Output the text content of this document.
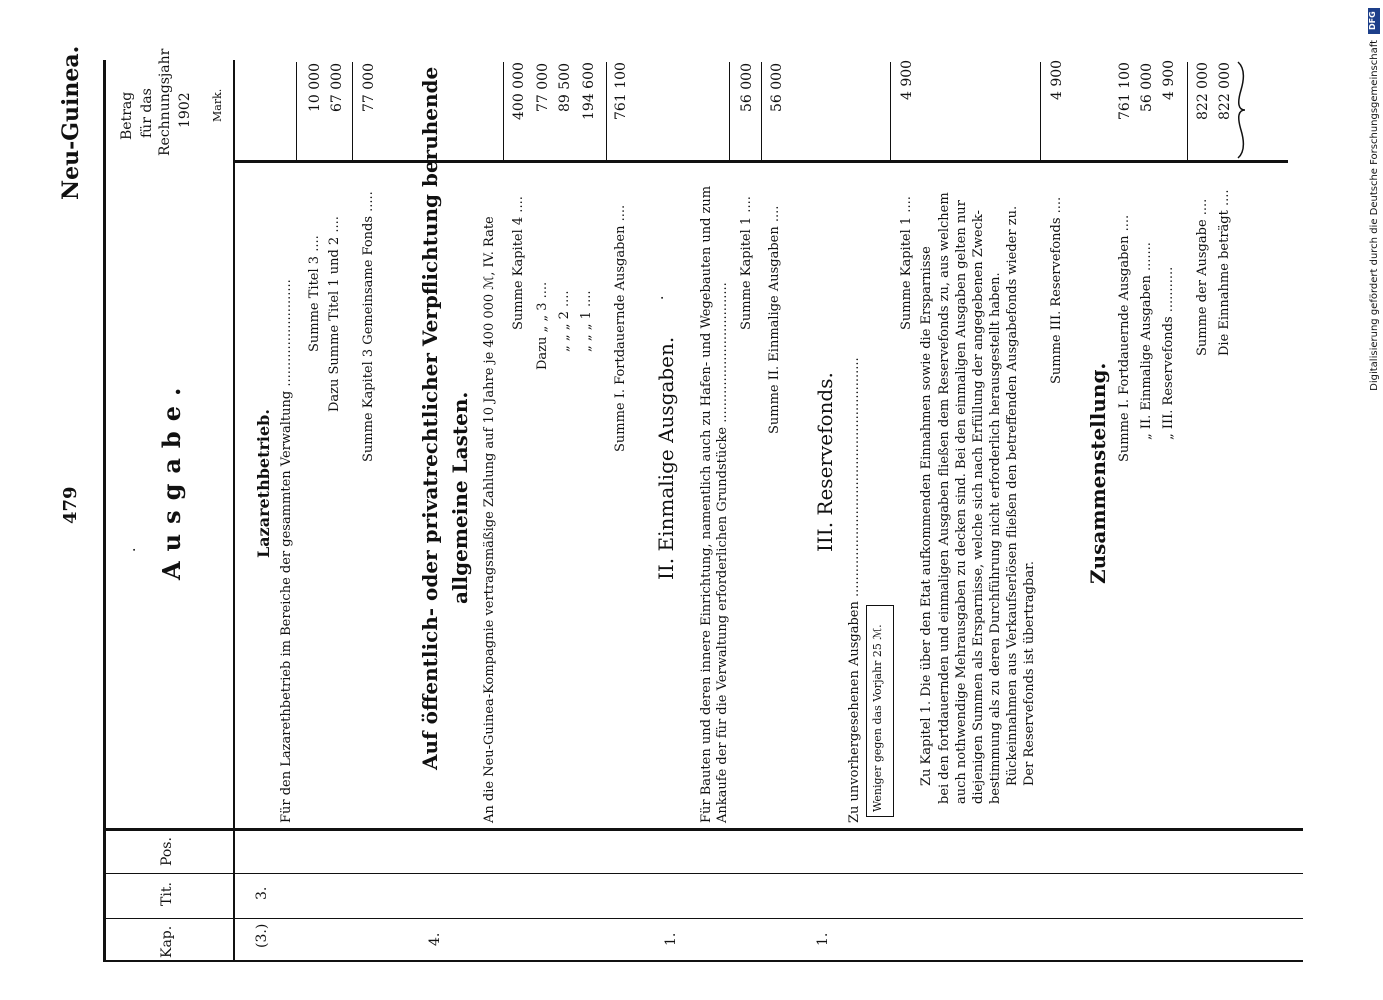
Neu-Guinea.
479	Ausgabe.
Kap.
Tit.
Pos.
Betrag für das Rechnungsjahr 1902 Mark.
(3.)
3.
Lazarethbetrieb. Für den Lazarethbetrieb im Bereiche der gesammten Verwaltung .......................... Summe Titel 3 .... Dazu Summe Titel 1 und 2 .... Summe Kapitel 3 Gemeinsame Fonds .....
10 000 67 000 77 000
4.
Auf öffentlich- oder privatrechtlicher Verpflichtung beruhende allgemeine Lasten. An die Neu-Guinea-Kompagnie vertragsmäßige Zahlung auf 10 Jahre je 400 000 ℳ, IV. Rate Summe Kapitel 4 .... Dazu „ „ 3 .... „ „ „ 2 .... „ „ „ 1 .... Summe I. Fortdauernde Ausgaben ....
400 000 77 000 89 500 194 600 761 100
·
·	II. Einmalige Ausgaben.
1.
Für Bauten und deren innere Einrichtung, namentlich auch zu Hafen- und Wegebauten und zum Ankaufe der für die Verwaltung erforderlichen Grundstücke ..................................
Summe Kapitel 1 .... Summe II. Einmalige Ausgaben ....
56 000 56 000
III. Reservefonds.
1.
Zu unvorhergesehenen Ausgaben .......................................................... Weniger gegen das Vorjahr 25 ℳ.
Summe Kapitel 1 ....
4 900
Zu Kapitel 1. Die über den Etat aufkommenden Einnahmen sowie die Ersparnisse bei den fortdauernden und einmaligen Ausgaben fließen dem Reservefonds zu, aus welchem auch nothwendige Mehrausgaben zu decken sind. Bei den einmaligen Ausgaben gelten nur diejenigen Summen als Ersparnisse, welche sich nach Erfüllung der angegebenen Zweck- bestimmung als zu deren Durchführung nicht erforderlich herausgestellt haben. Rückeinnahmen aus Verkaufserlösen fließen den betreffenden Ausgabefonds wieder zu. Der Reservefonds ist übertragbar.
Summe III. Reservefonds ....
4 900
Zusammenstellung.
Summe I. Fortdauernde Ausgaben .... „ II. Einmalige Ausgaben ....... „ III. Reservefonds ........... Summe der Ausgabe .... Die Einnahme beträgt ....
761 100 56 000 4 900 822 000 822 000
DFG
Digitalisierung gefördert durch die Deutsche Forschungsgemeinschaft
